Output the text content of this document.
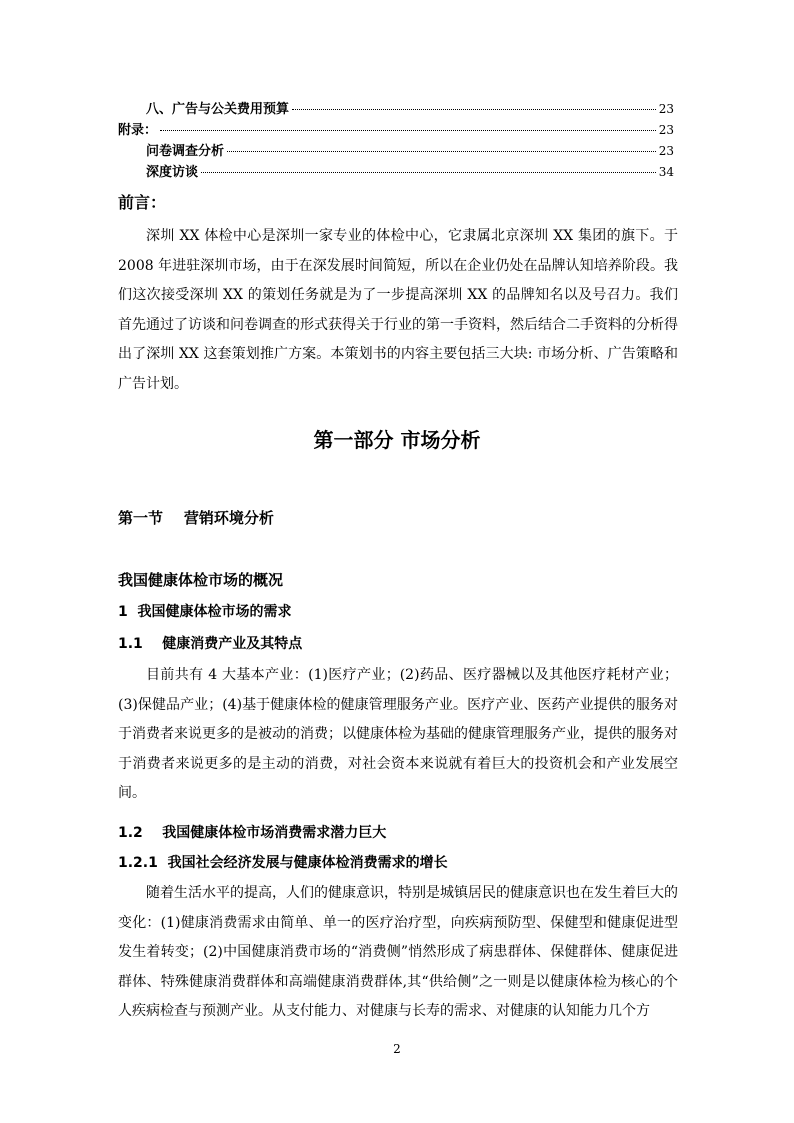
八、广告与公关费用预算	23
附录：	23
问卷调查分析	23
深度访谈	34
前言：

深圳 XX 体检中心是深圳一家专业的体检中心，它隶属北京深圳 XX 集团的旗下。于 2008 年进驻深圳市场，由于在深发展时间简短，所以在企业仍处在品牌认知培养阶段。我们这次接受深圳 XX 的策划任务就是为了一步提高深圳 XX 的品牌知名以及号召力。我们首先通过了访谈和问卷调查的形式获得关于行业的第一手资料，然后结合二手资料的分析得出了深圳 XX 这套策划推广方案。本策划书的内容主要包括三大块: 市场分析、广告策略和广告计划。

第一部分 市场分析
第一节    营销环境分析
我国健康体检市场的概况
1  我国健康体检市场的需求
1.1    健康消费产业及其特点

目前共有 4 大基本产业：(1)医疗产业；(2)药品、医疗器械以及其他医疗耗材产业；(3)保健品产业；(4)基于健康体检的健康管理服务产业。医疗产业、医药产业提供的服务对于消费者来说更多的是被动的消费；以健康体检为基础的健康管理服务产业，提供的服务对于消费者来说更多的是主动的消费，对社会资本来说就有着巨大的投资机会和产业发展空间。

1.2    我国健康体检市场消费需求潜力巨大
1.2.1  我国社会经济发展与健康体检消费需求的增长

随着生活水平的提高，人们的健康意识，特别是城镇居民的健康意识也在发生着巨大的变化：(1)健康消费需求由简单、单一的医疗治疗型，向疾病预防型、保健型和健康促进型发生着转变；(2)中国健康消费市场的“消费侧”悄然形成了病患群体、保健群体、健康促进群体、特殊健康消费群体和高端健康消费群体,其“供给侧”之一则是以健康体检为核心的个人疾病检查与预测产业。从支付能力、对健康与长寿的需求、对健康的认知能力几个方

2
